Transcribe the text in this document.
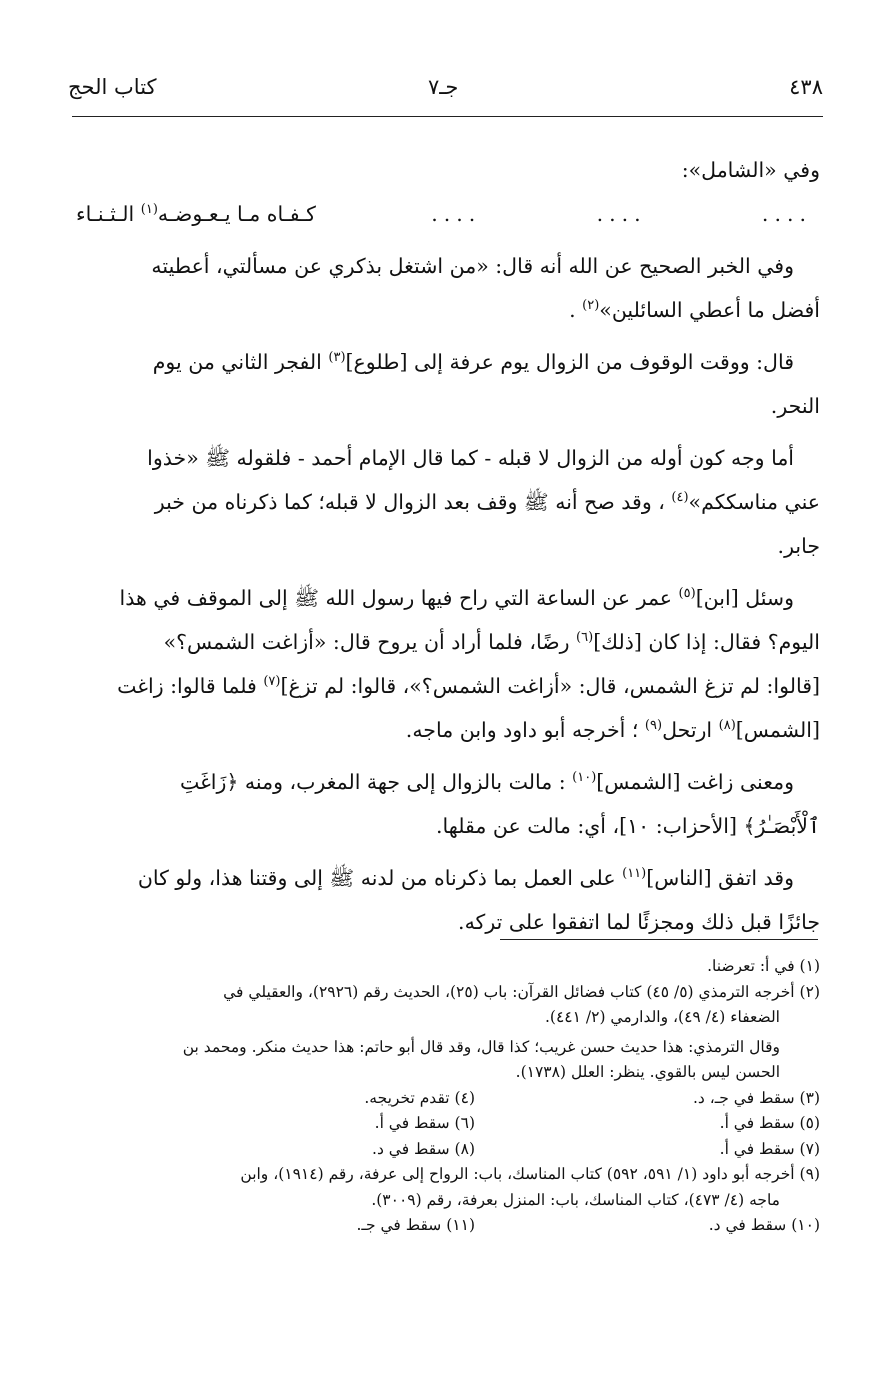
٤٣٨
جـ٧
كتاب الحج
وفي «الشامل»:
....
....
....
كـفـاه مـا يـعـوضـه$^{(١)}$ الـثـنـاء
وفي الخبر الصحيح عن الله أنه قال: «من اشتغل بذكري عن مسألتي، أعطيته
أفضل ما أعطي السائلين»$^{(٢)}$ .
قال: ووقت الوقوف من الزوال يوم عرفة إلى [طلوع]$^{(٣)}$ الفجر الثاني من يوم
النحر.
أما وجه كون أوله من الزوال لا قبله - كما قال الإمام أحمد - فلقوله ﷺ «خذوا
عني مناسككم»$^{(٤)}$ ، وقد صح أنه ﷺ وقف بعد الزوال لا قبله؛ كما ذكرناه من خبر
جابر.
وسئل [ابن]$^{(٥)}$ عمر عن الساعة التي راح فيها رسول الله ﷺ إلى الموقف في هذا
اليوم؟ فقال: إذا كان [ذلك]$^{(٦)}$ رضًا، فلما أراد أن يروح قال: «أزاغت الشمس؟»
[قالوا: لم تزغ الشمس، قال: «أزاغت الشمس؟»، قالوا: لم تزغ]$^{(٧)}$ فلما قالوا: زاغت
[الشمس]$^{(٨)}$ ارتحل$^{(٩)}$ ؛ أخرجه أبو داود وابن ماجه.
ومعنى زاغت [الشمس]$^{(١٠)}$ : مالت بالزوال إلى جهة المغرب، ومنه ﴿زَاغَتِ
ٱلْأَبْصَـٰرُ﴾ [الأحزاب: ١٠]، أي: مالت عن مقلها.
وقد اتفق [الناس]$^{(١١)}$ على العمل بما ذكرناه من لدنه ﷺ إلى وقتنا هذا، ولو كان
جائزًا قبل ذلك ومجزئًا لما اتفقوا على تركه.
(١) في أ: تعرضنا.
(٢) أخرجه الترمذي (٥/ ٤٥) كتاب فضائل القرآن: باب (٢٥)، الحديث رقم (٢٩٢٦)، والعقيلي في
الضعفاء (٤/ ٤٩)، والدارمي (٢/ ٤٤١).
وقال الترمذي: هذا حديث حسن غريب؛ كذا قال، وقد قال أبو حاتم: هذا حديث منكر. ومحمد بن
الحسن ليس بالقوي. ينظر: العلل (١٧٣٨).
(٣) سقط في جـ، د.
(٤) تقدم تخريجه.
(٥) سقط في أ.
(٦) سقط في أ.
(٧) سقط في أ.
(٨) سقط في د.
(٩) أخرجه أبو داود (١/ ٥٩١، ٥٩٢) كتاب المناسك، باب: الرواح إلى عرفة، رقم (١٩١٤)، وابن
ماجه (٤/ ٤٧٣)، كتاب المناسك، باب: المنزل بعرفة، رقم (٣٠٠٩).
(١٠) سقط في د.
(١١) سقط في جـ.
